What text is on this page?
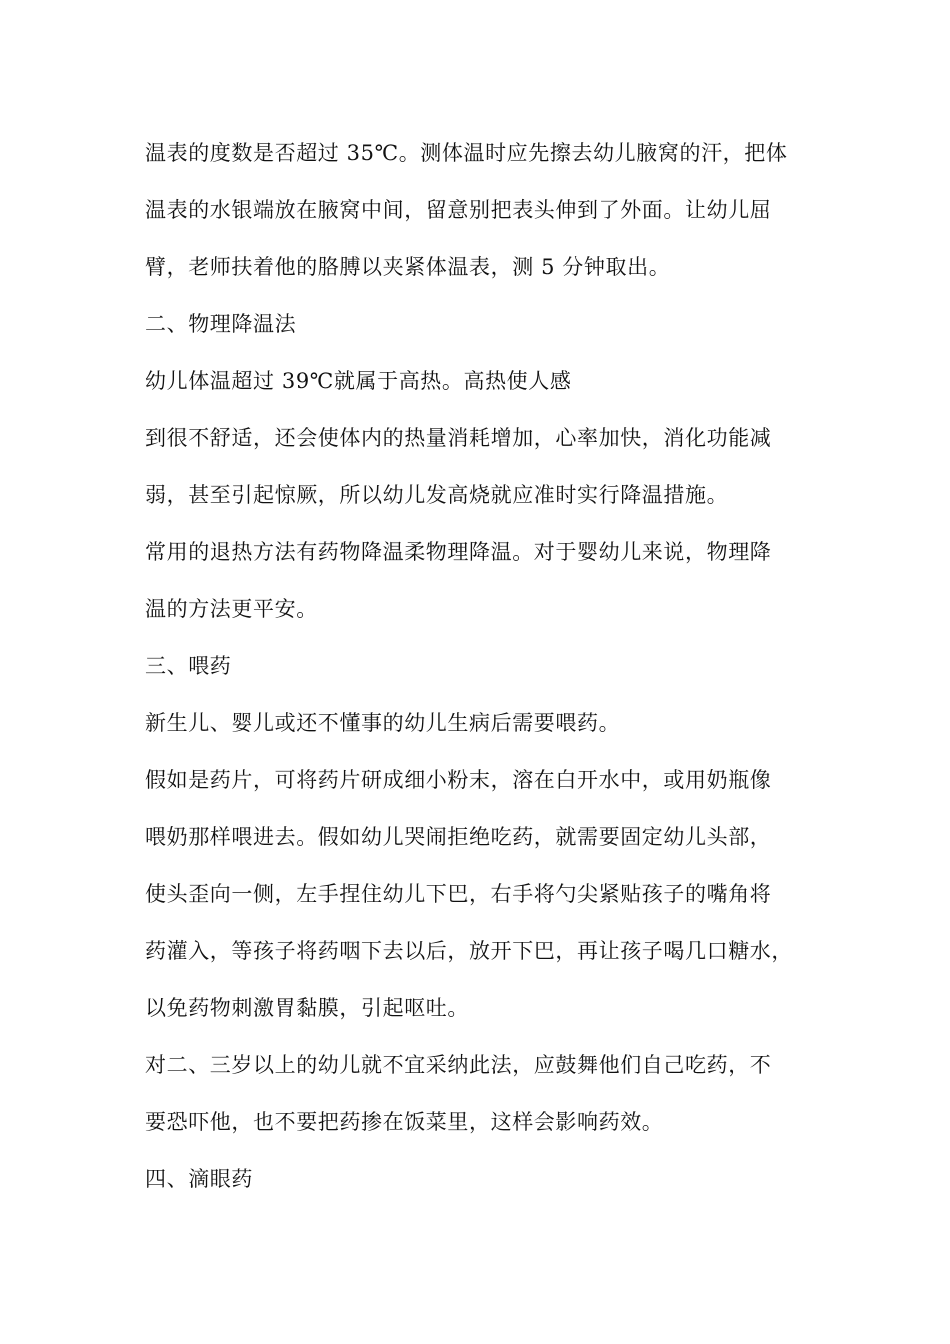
温表的度数是否超过 35℃。测体温时应先擦去幼儿腋窝的汗，把体
温表的水银端放在腋窝中间，留意别把表头伸到了外面。让幼儿屈
臂，老师扶着他的胳膊以夹紧体温表，测 5 分钟取出。
二、物理降温法
幼儿体温超过 39℃就属于高热。高热使人感
到很不舒适，还会使体内的热量消耗增加，心率加快，消化功能减
弱，甚至引起惊厥，所以幼儿发高烧就应准时实行降温措施。
常用的退热方法有药物降温柔物理降温。对于婴幼儿来说，物理降
温的方法更平安。
三、喂药
新生儿、婴儿或还不懂事的幼儿生病后需要喂药。
假如是药片，可将药片研成细小粉末，溶在白开水中，或用奶瓶像
喂奶那样喂进去。假如幼儿哭闹拒绝吃药，就需要固定幼儿头部，
使头歪向一侧，左手捏住幼儿下巴，右手将勺尖紧贴孩子的嘴角将
药灌入，等孩子将药咽下去以后，放开下巴，再让孩子喝几口糖水，
以免药物刺激胃黏膜，引起呕吐。
对二、三岁以上的幼儿就不宜采纳此法，应鼓舞他们自己吃药，不
要恐吓他，也不要把药掺在饭菜里，这样会影响药效。
四、滴眼药
